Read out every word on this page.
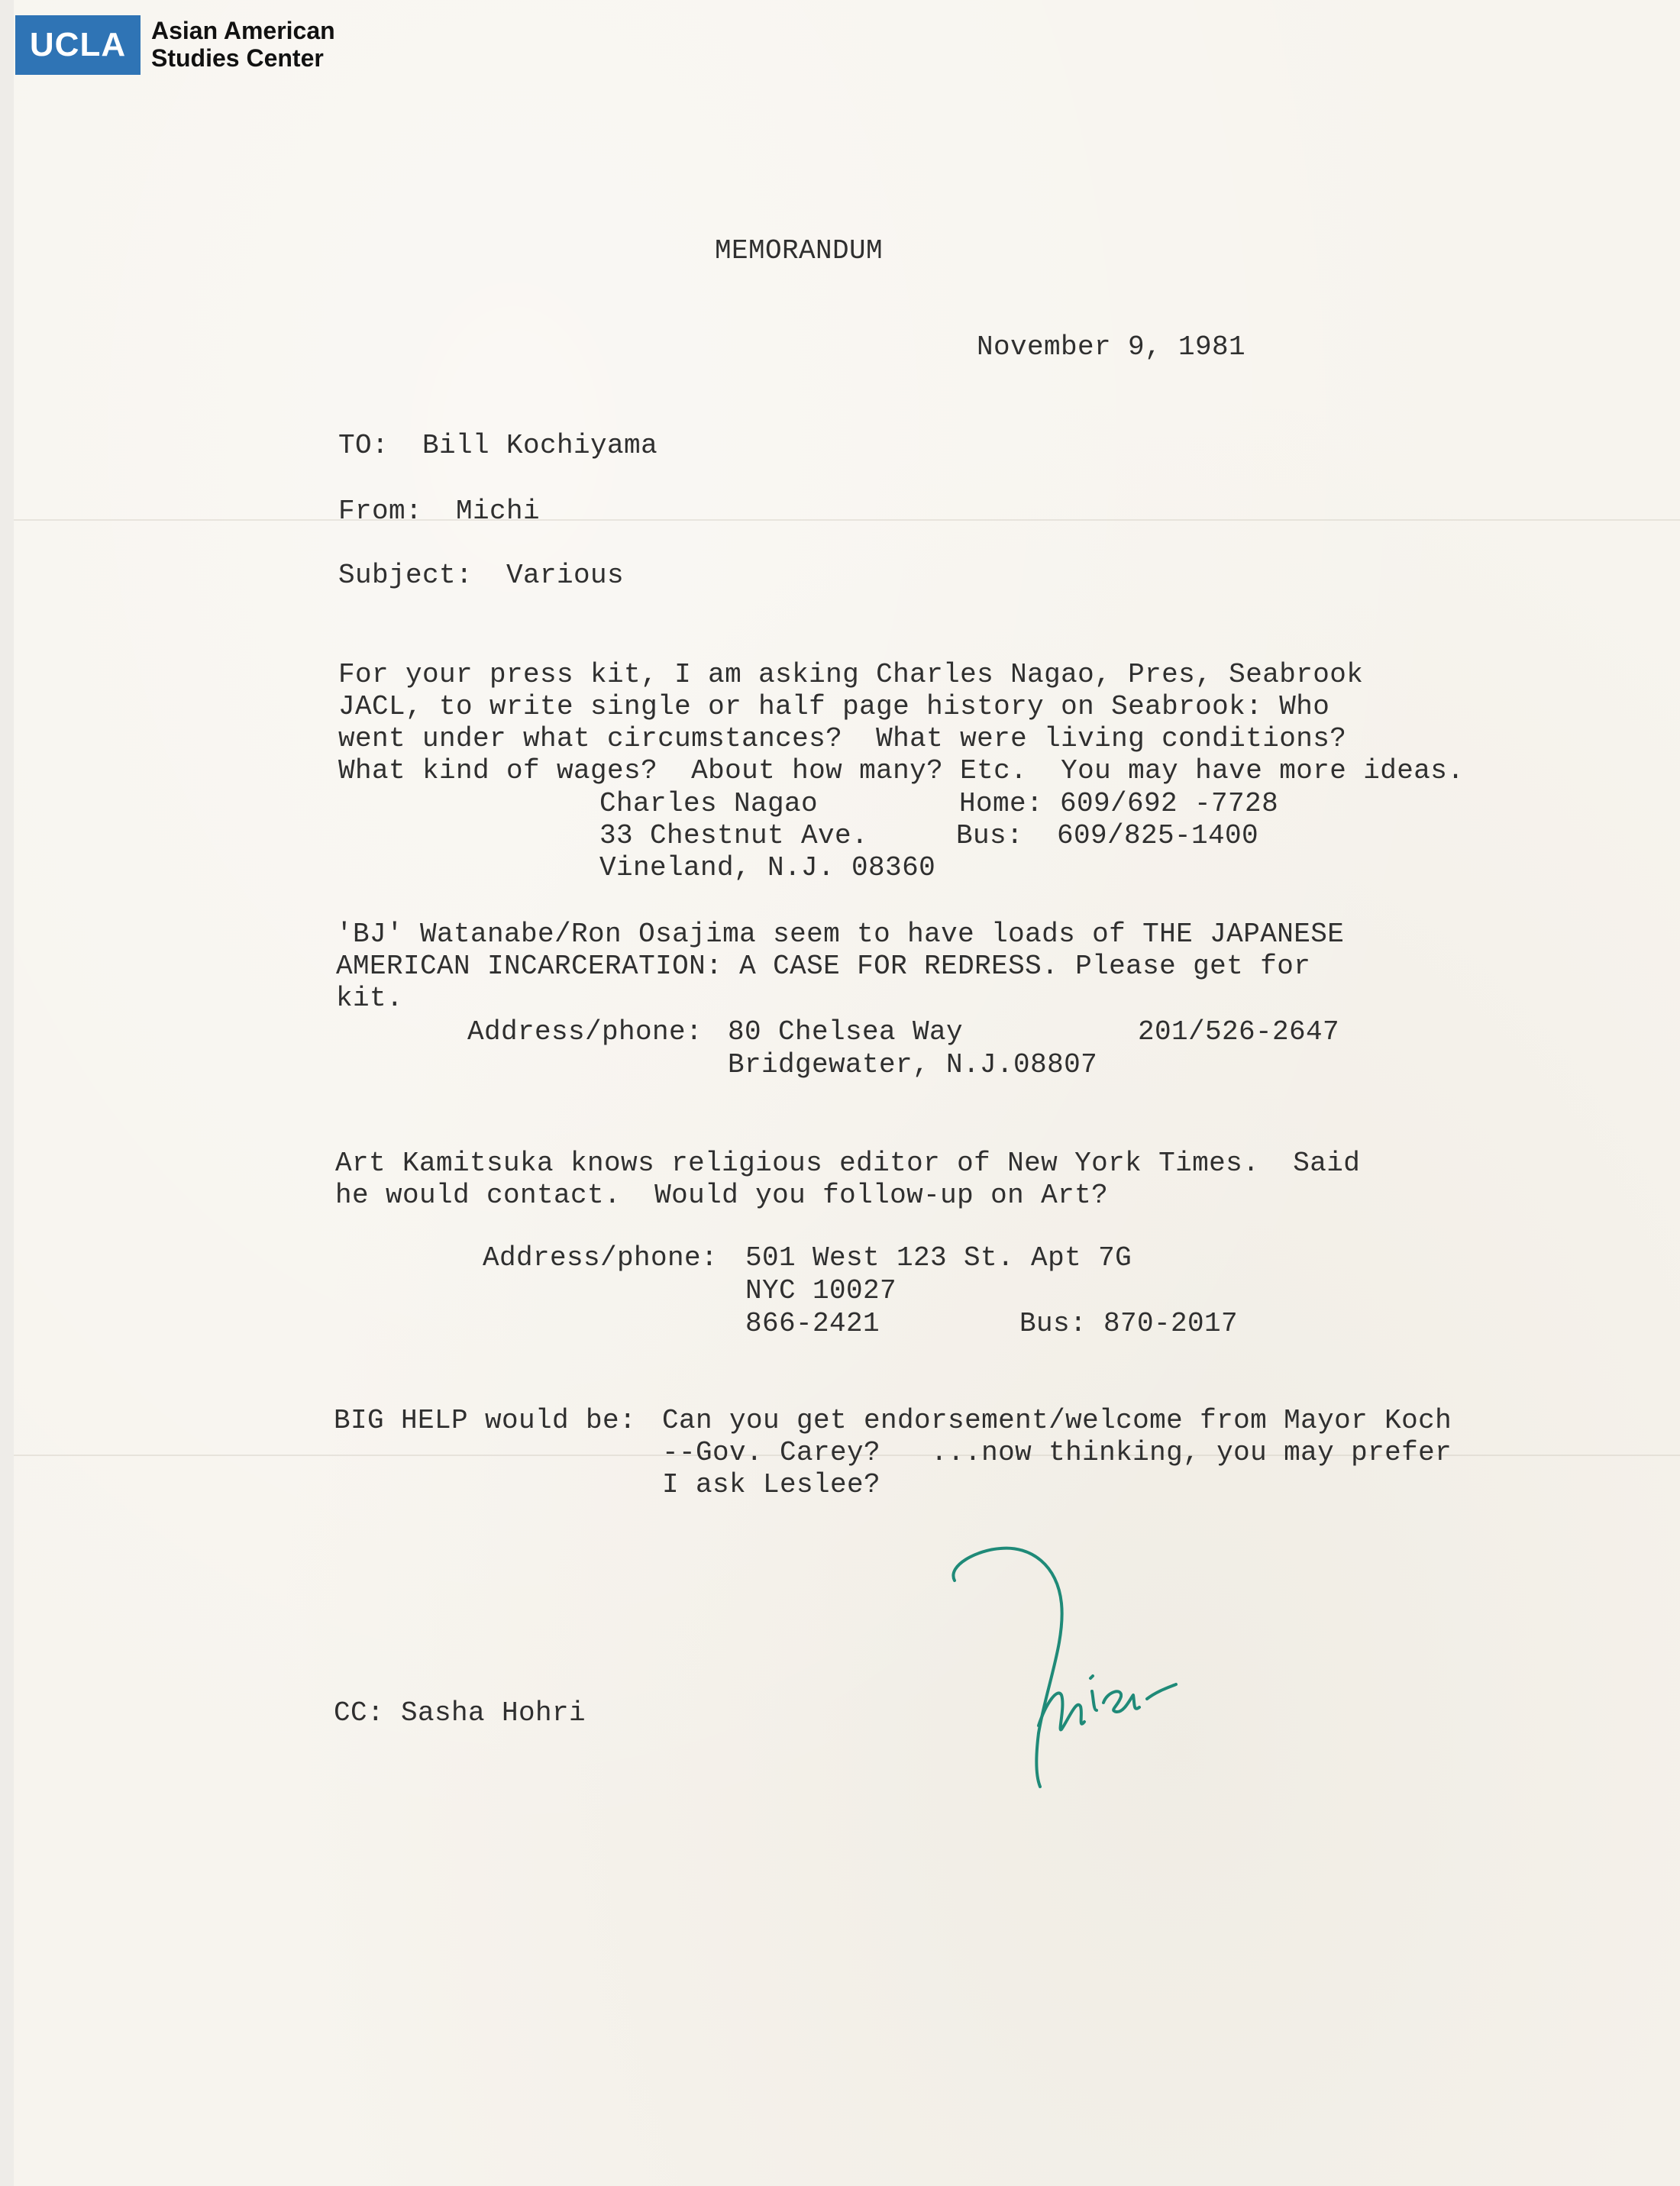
UCLA	Asian American
Studies Center
MEMORANDUM
November 9, 1981
TO:  Bill Kochiyama
From:  Michi
Subject:  Various
For your press kit, I am asking Charles Nagao, Pres, Seabrook
JACL, to write single or half page history on Seabrook: Who
went under what circumstances?  What were living conditions?
What kind of wages?  About how many? Etc.  You may have more ideas.
Charles Nagao
33 Chestnut Ave.
Vineland, N.J. 08360
Home: 609/692 -7728
Bus:  609/825-1400
'BJ' Watanabe/Ron Osajima seem to have loads of THE JAPANESE
AMERICAN INCARCERATION: A CASE FOR REDRESS. Please get for
kit.
Address/phone: 80 Chelsea Way
Bridgewater, N.J.08807
201/526-2647
Art Kamitsuka knows religious editor of New York Times.  Said
he would contact.  Would you follow-up on Art?
Address/phone: 501 West 123 St. Apt 7G
NYC 10027
866-2421	Bus: 870-2017
BIG HELP would be: Can you get endorsement/welcome from Mayor Koch
--Gov. Carey?   ...now thinking, you may prefer
I ask Leslee?
CC: Sasha Hohri
